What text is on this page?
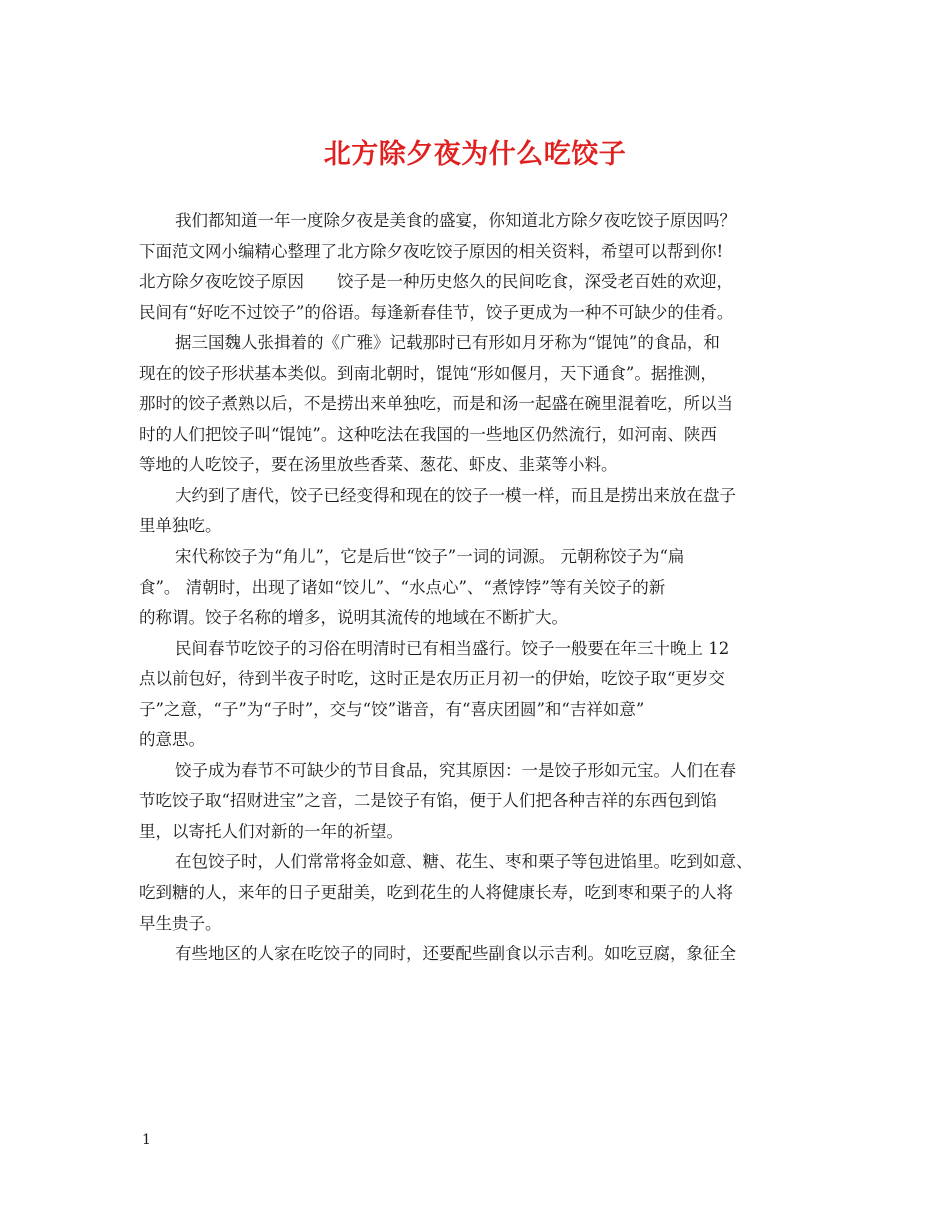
北方除夕夜为什么吃饺子
我们都知道一年一度除夕夜是美食的盛宴，你知道北方除夕夜吃饺子原因吗？
下面范文网小编精心整理了北方除夕夜吃饺子原因的相关资料，希望可以帮到你!
北方除夕夜吃饺子原因　　饺子是一种历史悠久的民间吃食，深受老百姓的欢迎，
民间有“好吃不过饺子”的俗语。每逢新春佳节，饺子更成为一种不可缺少的佳肴。
据三国魏人张揖着的《广雅》记载那时已有形如月牙称为“馄饨”的食品，和
现在的饺子形状基本类似。到南北朝时，馄饨“形如偃月，天下通食”。据推测，
那时的饺子煮熟以后，不是捞出来单独吃，而是和汤一起盛在碗里混着吃，所以当
时的人们把饺子叫“馄饨”。这种吃法在我国的一些地区仍然流行，如河南、陕西
等地的人吃饺子，要在汤里放些香菜、葱花、虾皮、韭菜等小料。
大约到了唐代，饺子已经变得和现在的饺子一模一样，而且是捞出来放在盘子
里单独吃。
宋代称饺子为“角儿”，它是后世“饺子”一词的词源。 元朝称饺子为“扁
食”。 清朝时，出现了诸如“饺儿”、“水点心”、“煮饽饽”等有关饺子的新
的称谓。饺子名称的增多，说明其流传的地域在不断扩大。
民间春节吃饺子的习俗在明清时已有相当盛行。饺子一般要在年三十晚上 12
点以前包好，待到半夜子时吃，这时正是农历正月初一的伊始，吃饺子取“更岁交
子”之意，“子”为“子时”，交与“饺”谐音，有“喜庆团圆”和“吉祥如意”
的意思。
饺子成为春节不可缺少的节目食品，究其原因：一是饺子形如元宝。人们在春
节吃饺子取“招财进宝”之音，二是饺子有馅，便于人们把各种吉祥的东西包到馅
里，以寄托人们对新的一年的祈望。
在包饺子时，人们常常将金如意、糖、花生、枣和栗子等包进馅里。吃到如意、
吃到糖的人，来年的日子更甜美，吃到花生的人将健康长寿，吃到枣和栗子的人将
早生贵子。
有些地区的人家在吃饺子的同时，还要配些副食以示吉利。如吃豆腐，象征全
1
